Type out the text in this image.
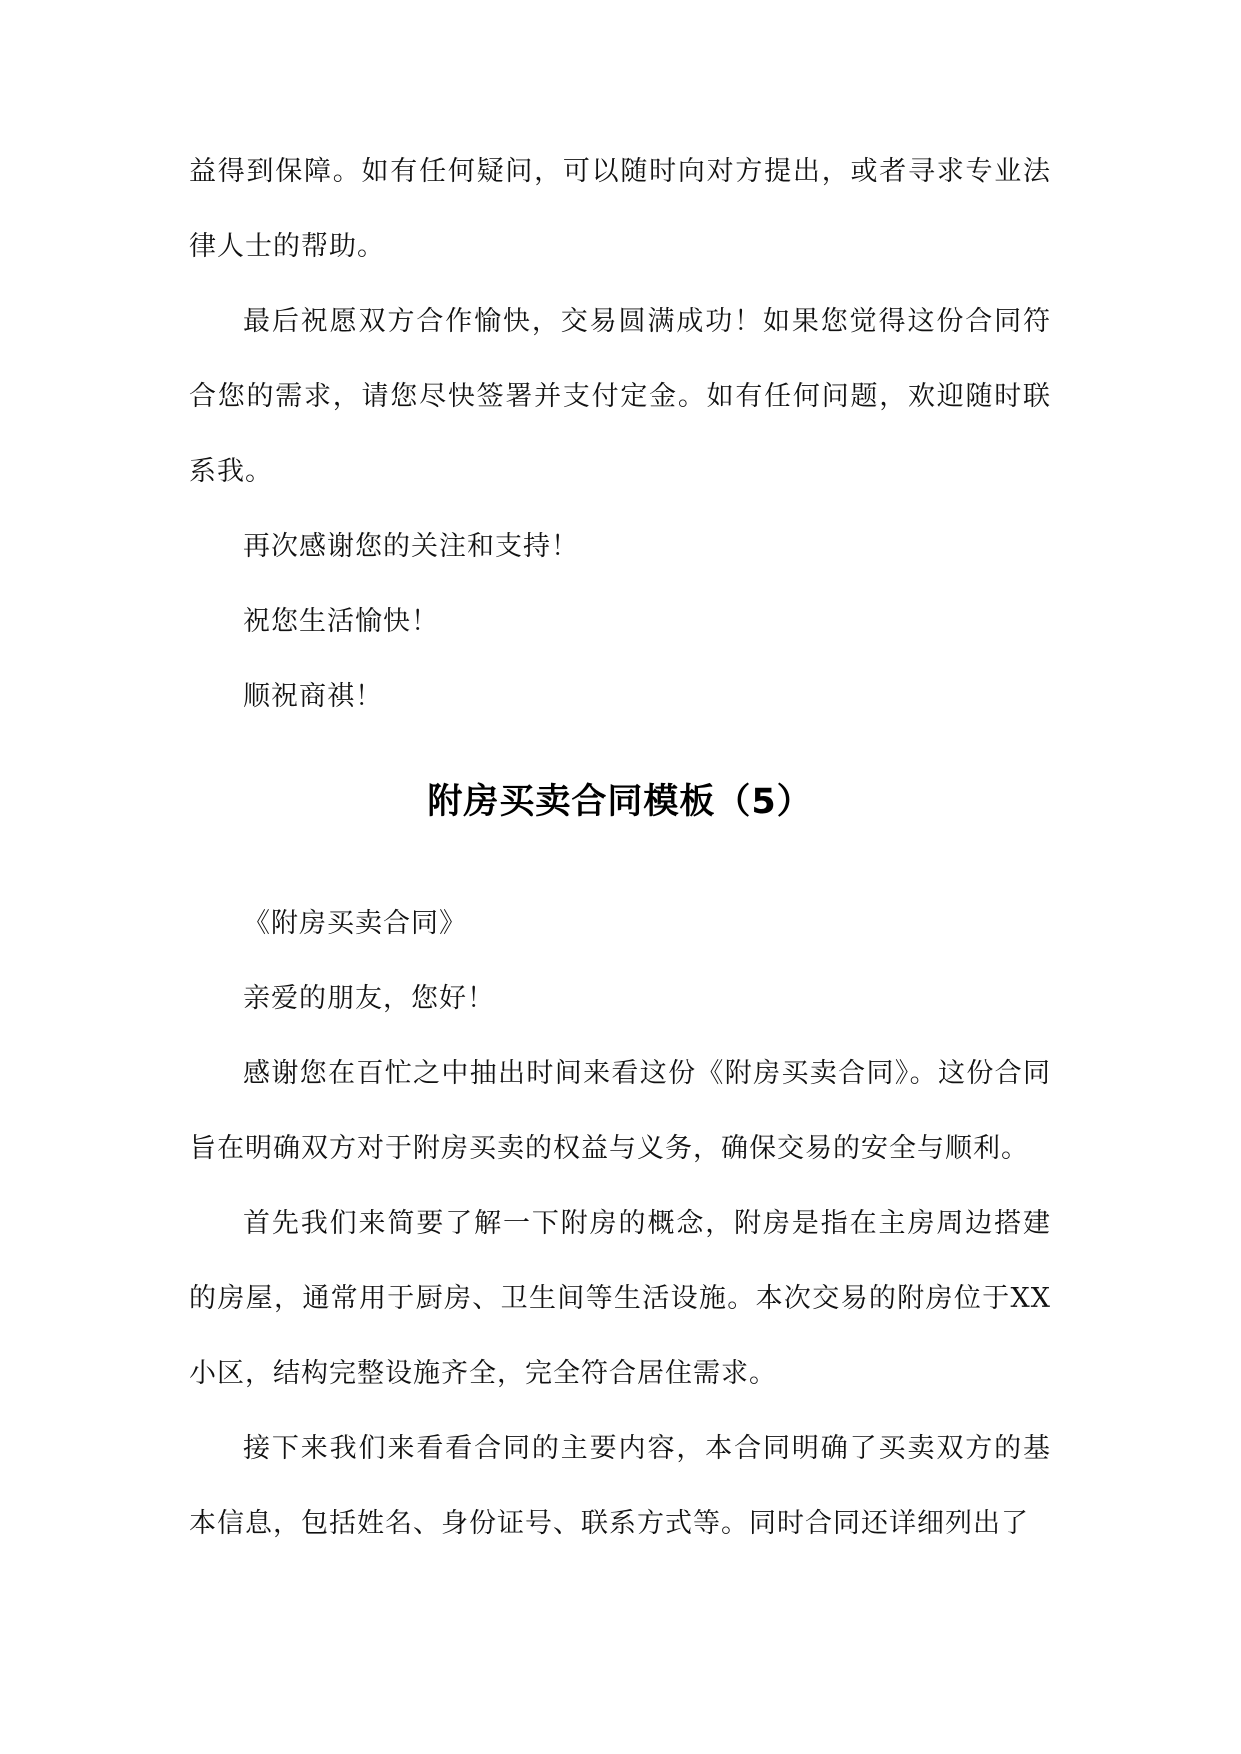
益得到保障。如有任何疑问，可以随时向对方提出，或者寻求专业法律人士的帮助。

最后祝愿双方合作愉快，交易圆满成功！如果您觉得这份合同符合您的需求，请您尽快签署并支付定金。如有任何问题，欢迎随时联系我。

再次感谢您的关注和支持！

祝您生活愉快！

顺祝商祺！

附房买卖合同模板（5）

《附房买卖合同》

亲爱的朋友，您好！

感谢您在百忙之中抽出时间来看这份《附房买卖合同》。这份合同旨在明确双方对于附房买卖的权益与义务，确保交易的安全与顺利。

首先我们来简要了解一下附房的概念，附房是指在主房周边搭建的房屋，通常用于厨房、卫生间等生活设施。本次交易的附房位于XX小区，结构完整设施齐全，完全符合居住需求。

接下来我们来看看合同的主要内容，本合同明确了买卖双方的基本信息，包括姓名、身份证号、联系方式等。同时合同还详细列出了
